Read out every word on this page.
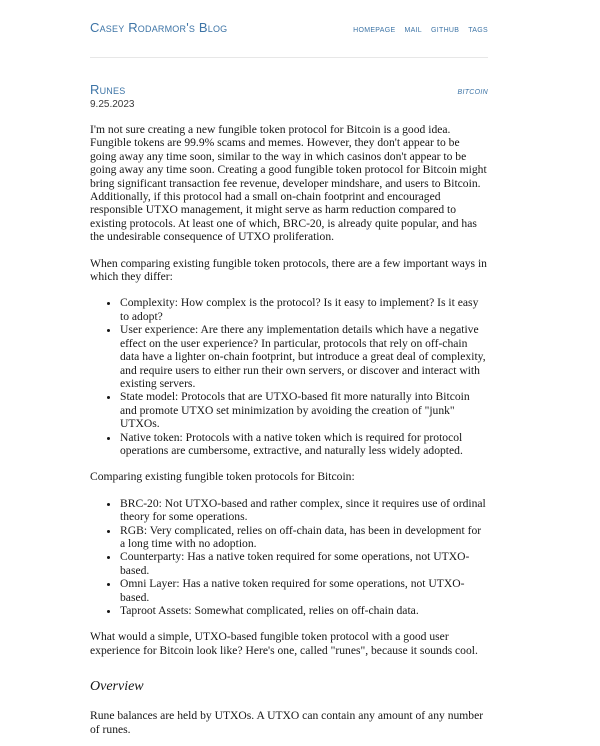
Casey Rodarmor's Blog	homepage mail github tags
Runes	bitcoin
9.25.2023

I'm not sure creating a new fungible token protocol for Bitcoin is a good idea. Fungible tokens are 99.9% scams and memes. However, they don't appear to be going away any time soon, similar to the way in which casinos don't appear to be going away any time soon. Creating a good fungible token protocol for Bitcoin might bring significant transaction fee revenue, developer mindshare, and users to Bitcoin. Additionally, if this protocol had a small on-chain footprint and encouraged responsible UTXO management, it might serve as harm reduction compared to existing protocols. At least one of which, BRC-20, is already quite popular, and has the undesirable consequence of UTXO proliferation.

When comparing existing fungible token protocols, there are a few important ways in which they differ:

• Complexity: How complex is the protocol? Is it easy to implement? Is it easy to adopt?
• User experience: Are there any implementation details which have a negative effect on the user experience? In particular, protocols that rely on off-chain data have a lighter on-chain footprint, but introduce a great deal of complexity, and require users to either run their own servers, or discover and interact with existing servers.
• State model: Protocols that are UTXO-based fit more naturally into Bitcoin and promote UTXO set minimization by avoiding the creation of "junk" UTXOs.
• Native token: Protocols with a native token which is required for protocol operations are cumbersome, extractive, and naturally less widely adopted.

Comparing existing fungible token protocols for Bitcoin:

• BRC-20: Not UTXO-based and rather complex, since it requires use of ordinal theory for some operations.
• RGB: Very complicated, relies on off-chain data, has been in development for a long time with no adoption.
• Counterparty: Has a native token required for some operations, not UTXO-based.
• Omni Layer: Has a native token required for some operations, not UTXO-based.
• Taproot Assets: Somewhat complicated, relies on off-chain data.

What would a simple, UTXO-based fungible token protocol with a good user experience for Bitcoin look like? Here's one, called "runes", because it sounds cool.

Overview

Rune balances are held by UTXOs. A UTXO can contain any amount of any number of runes.
